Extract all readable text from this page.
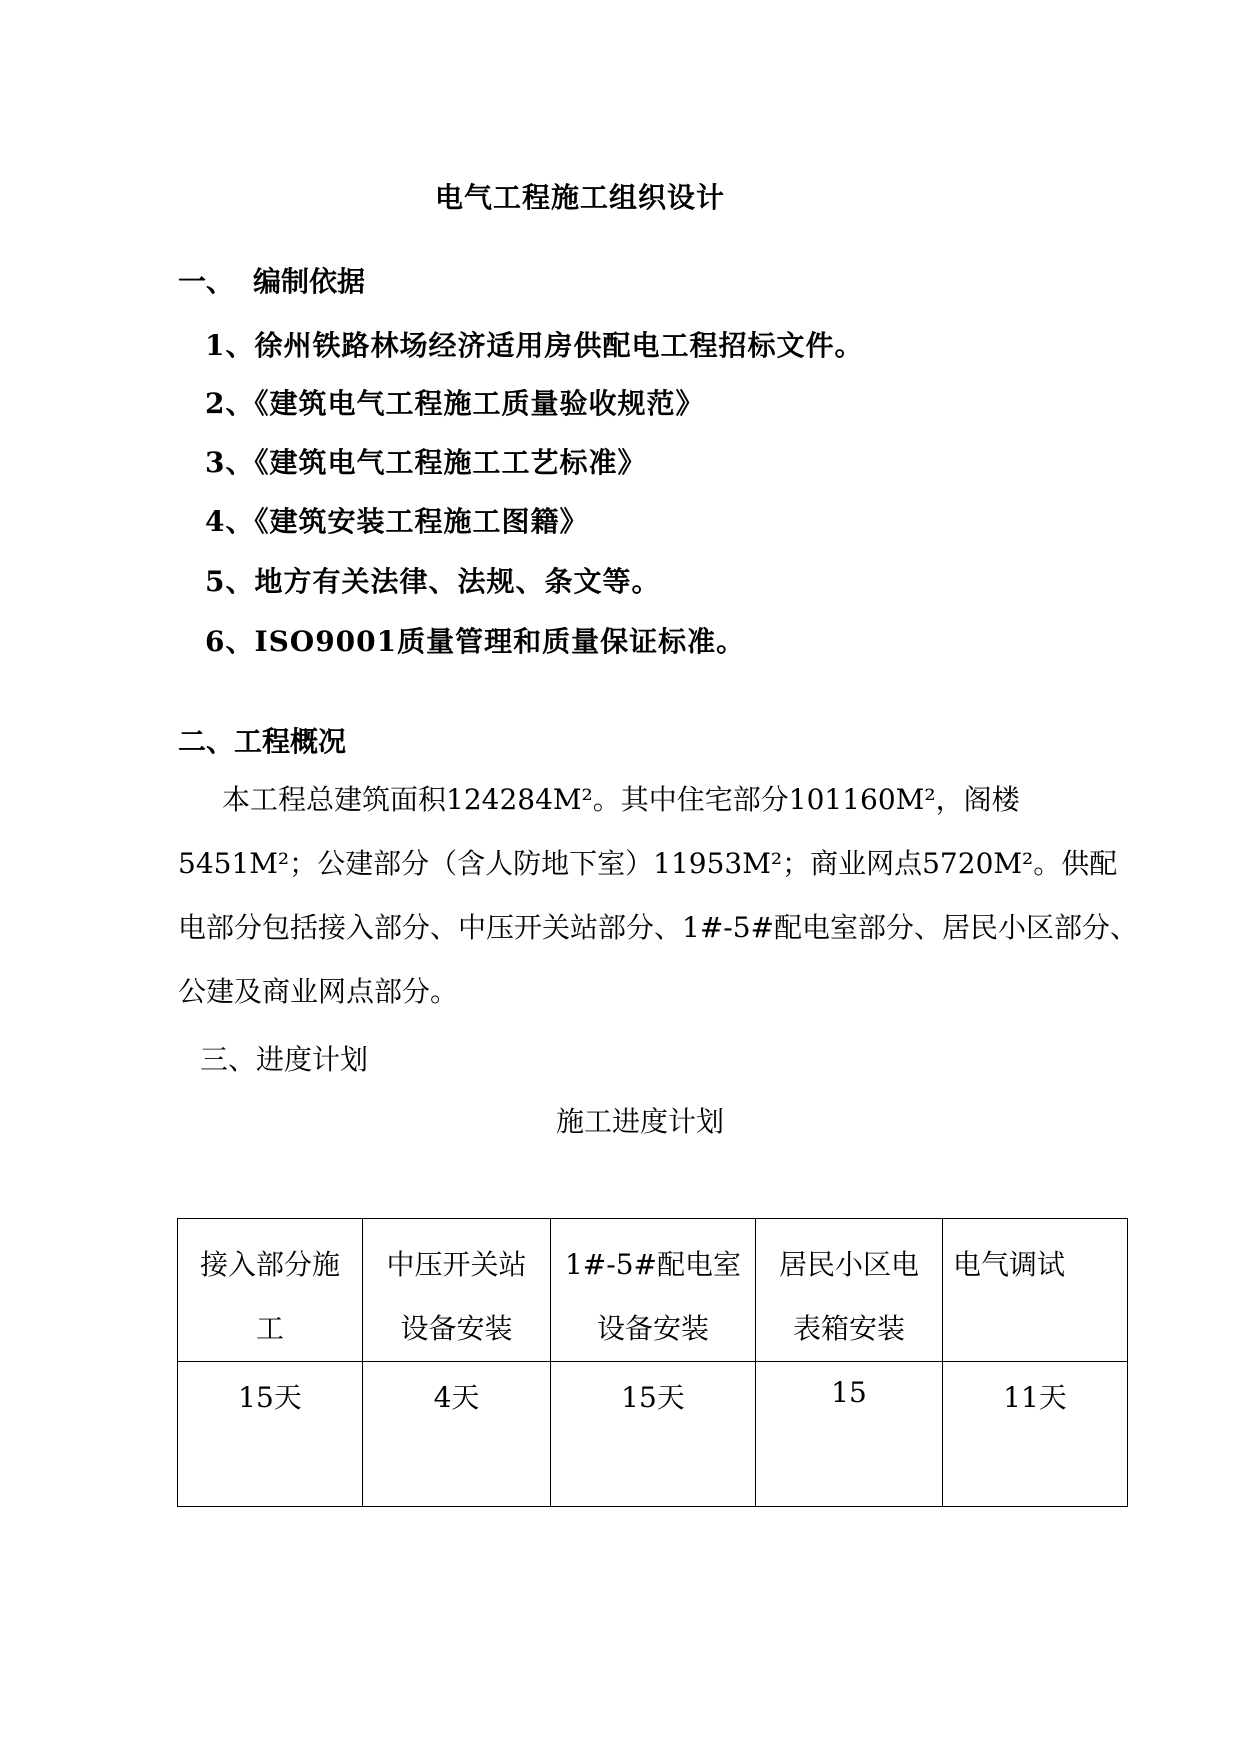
电气工程施工组织设计
一、 编制依据
1、徐州铁路林场经济适用房供配电工程招标文件。
2、《建筑电气工程施工质量验收规范》
3、《建筑电气工程施工工艺标准》
4、《建筑安装工程施工图籍》
5、地方有关法律、法规、条文等。
6、ISO9001质量管理和质量保证标准。
二、工程概况
本工程总建筑面积124284M²。其中住宅部分101160M²，阁楼5451M²；公建部分（含人防地下室）11953M²；商业网点5720M²。供配电部分包括接入部分、中压开关站部分、1#-5#配电室部分、居民小区部分、公建及商业网点部分。
三、进度计划
施工进度计划
接入部分施工	中压开关站设备安装	1#-5#配电室设备安装	居民小区电表箱安装	电气调试

15天	4天	15天	15	11天
